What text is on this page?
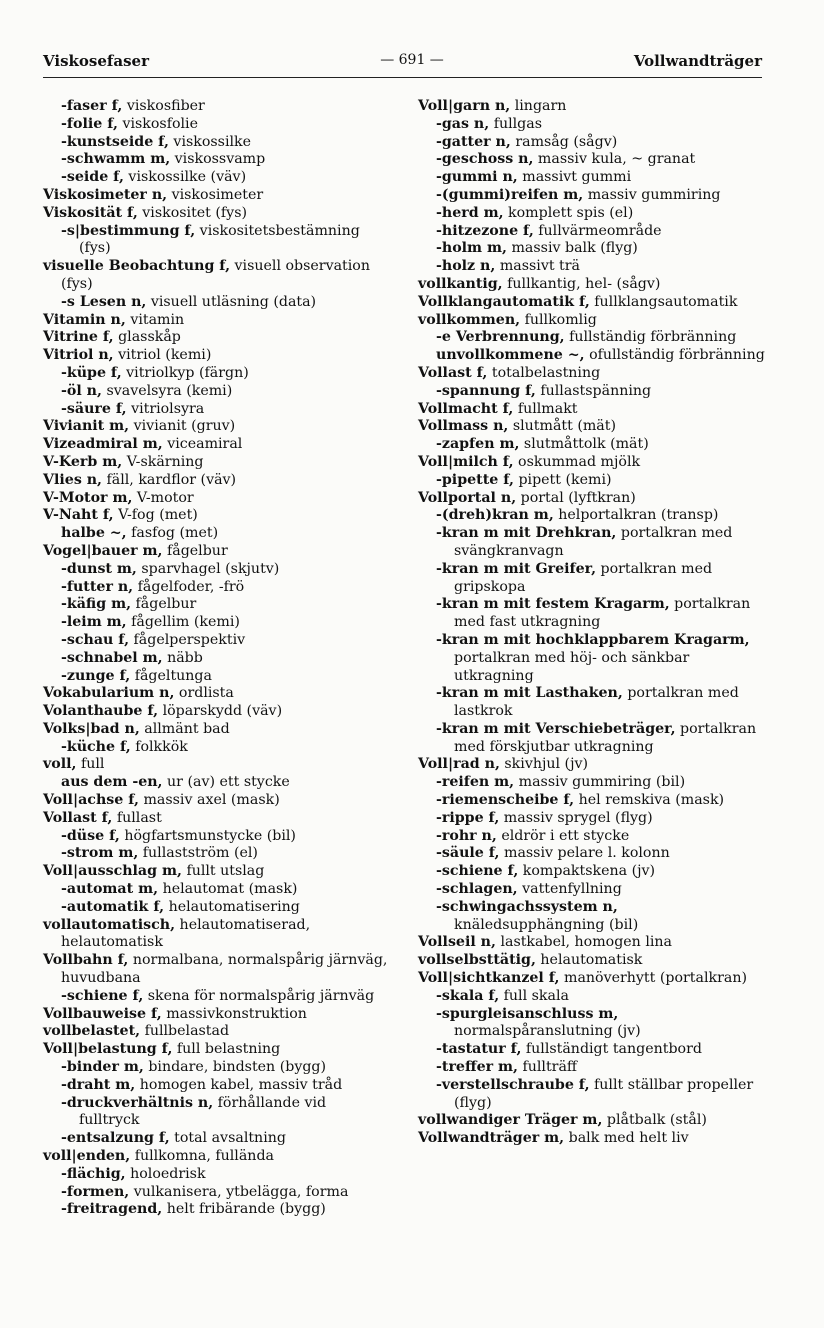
Viskosefaser	— 691 —	Vollwandträger

-faser f, viskosfiber

-folie f, viskosfolie

-kunstseide f, viskossilke

-schwamm m, viskossvamp

-seide f, viskossilke (väv)

Viskosimeter n, viskosimeter

Viskosität f, viskositet (fys)

-s|bestimmung f, viskositetsbestämning (fys)

visuelle Beobachtung f, visuell observation (fys)

-s Lesen n, visuell utläsning (data)

Vitamin n, vitamin

Vitrine f, glasskåp

Vitriol n, vitriol (kemi)

-küpe f, vitriolkyp (färgn)

-öl n, svavelsyra (kemi)

-säure f, vitriolsyra

Vivianit m, vivianit (gruv)

Vizeadmiral m, viceamiral

V-Kerb m, V-skärning

Vlies n, fäll, kardflor (väv)

V-Motor m, V-motor

V-Naht f, V-fog (met)

halbe ~, fasfog (met)

Vogel|bauer m, fågelbur

-dunst m, sparvhagel (skjutv)

-futter n, fågelfoder, -frö

-käfig m, fågelbur

-leim m, fågellim (kemi)

-schau f, fågelperspektiv

-schnabel m, näbb

-zunge f, fågeltunga

Vokabularium n, ordlista

Volanthaube f, löparskydd (väv)

Volks|bad n, allmänt bad

-küche f, folkkök

voll, full

aus dem -en, ur (av) ett stycke

Voll|achse f, massiv axel (mask)

Vollast f, fullast

-düse f, högfartsmunstycke (bil)

-strom m, fullastström (el)

Voll|ausschlag m, fullt utslag

-automat m, helautomat (mask)

-automatik f, helautomatisering

vollautomatisch, helautomatiserad, helautomatisk

Vollbahn f, normalbana, normalspårig järnväg, huvudbana

-schiene f, skena för normalspårig järnväg

Vollbauweise f, massivkonstruktion

vollbelastet, fullbelastad

Voll|belastung f, full belastning

-binder m, bindare, bindsten (bygg)

-draht m, homogen kabel, massiv tråd

-druckverhältnis n, förhållande vid fulltryck

-entsalzung f, total avsaltning

voll|enden, fullkomna, fullända

-flächig, holoedrisk

-formen, vulkanisera, ytbelägga, forma

-freitragend, helt fribärande (bygg)

Voll|garn n, lingarn

-gas n, fullgas

-gatter n, ramsåg (sågv)

-geschoss n, massiv kula, ~ granat

-gummi n, massivt gummi

-(gummi)reifen m, massiv gummiring

-herd m, komplett spis (el)

-hitzezone f, fullvärmeområde

-holm m, massiv balk (flyg)

-holz n, massivt trä

vollkantig, fullkantig, hel- (sågv)

Vollklangautomatik f, fullklangsautomatik

vollkommen, fullkomlig

-e Verbrennung, fullständig förbränning

unvollkommene ~, ofullständig förbränning

Vollast f, totalbelastning

-spannung f, fullastspänning

Vollmacht f, fullmakt

Vollmass n, slutmått (mät)

-zapfen m, slutmåttolk (mät)

Voll|milch f, oskummad mjölk

-pipette f, pipett (kemi)

Vollportal n, portal (lyftkran)

-(dreh)kran m, helportalkran (transp)

-kran m mit Drehkran, portalkran med svängkranvagn

-kran m mit Greifer, portalkran med gripskopa

-kran m mit festem Kragarm, portalkran med fast utkragning

-kran m mit hochklappbarem Kragarm, portalkran med höj- och sänkbar utkragning

-kran m mit Lasthaken, portalkran med lastkrok

-kran m mit Verschiebeträger, portalkran med förskjutbar utkragning

Voll|rad n, skivhjul (jv)

-reifen m, massiv gummiring (bil)

-riemenscheibe f, hel remskiva (mask)

-rippe f, massiv sprygel (flyg)

-rohr n, eldrör i ett stycke

-säule f, massiv pelare l. kolonn

-schiene f, kompaktskena (jv)

-schlagen, vattenfyllning

-schwingachssystem n, knäledsupphängning (bil)

Vollseil n, lastkabel, homogen lina

vollselbsttätig, helautomatisk

Voll|sichtkanzel f, manöverhytt (portalkran)

-skala f, full skala

-spurgleisanschluss m, normalspåranslutning (jv)

-tastatur f, fullständigt tangentbord

-treffer m, fullträff

-verstellschraube f, fullt ställbar propeller (flyg)

vollwandiger Träger m, plåtbalk (stål)

Vollwandträger m, balk med helt liv
